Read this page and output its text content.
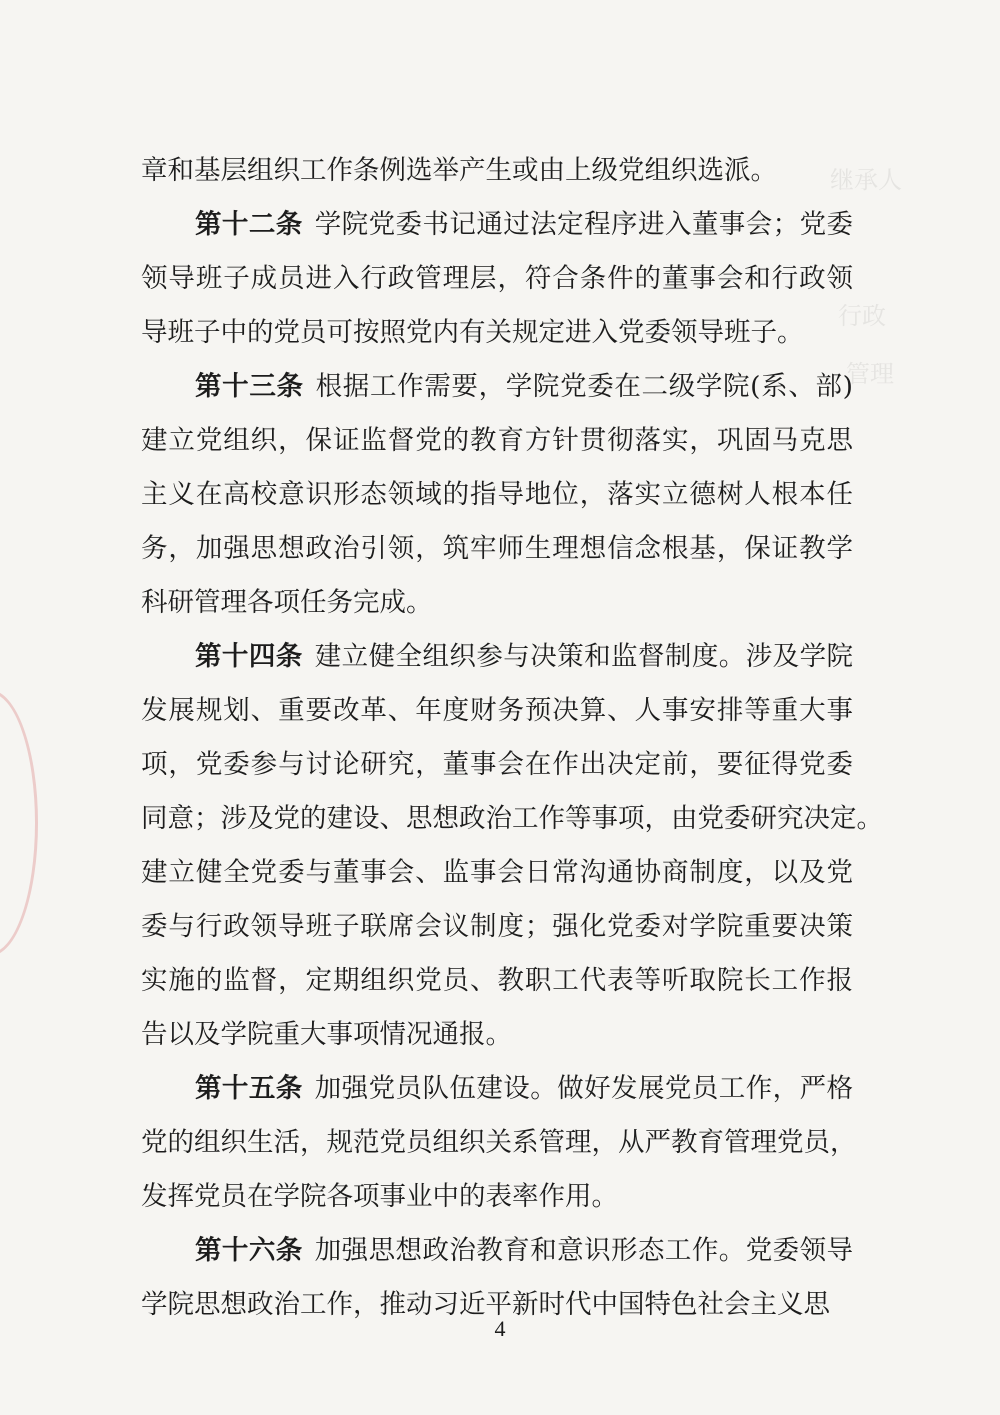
继承人
行政
管理
章和基层组织工作条例选举产生或由上级党组织选派。
第十二条 学院党委书记通过法定程序进入董事会；党委
领导班子成员进入行政管理层，符合条件的董事会和行政领
导班子中的党员可按照党内有关规定进入党委领导班子。
第十三条 根据工作需要，学院党委在二级学院(系、部)
建立党组织，保证监督党的教育方针贯彻落实，巩固马克思
主义在高校意识形态领域的指导地位，落实立德树人根本任
务，加强思想政治引领，筑牢师生理想信念根基，保证教学
科研管理各项任务完成。
第十四条 建立健全组织参与决策和监督制度。涉及学院
发展规划、重要改革、年度财务预决算、人事安排等重大事
项，党委参与讨论研究，董事会在作出决定前，要征得党委
同意；涉及党的建设、思想政治工作等事项，由党委研究决定。
建立健全党委与董事会、监事会日常沟通协商制度，以及党
委与行政领导班子联席会议制度；强化党委对学院重要决策
实施的监督，定期组织党员、教职工代表等听取院长工作报
告以及学院重大事项情况通报。
第十五条 加强党员队伍建设。做好发展党员工作，严格
党的组织生活，规范党员组织关系管理，从严教育管理党员，
发挥党员在学院各项事业中的表率作用。
第十六条 加强思想政治教育和意识形态工作。党委领导
学院思想政治工作，推动习近平新时代中国特色社会主义思
4
